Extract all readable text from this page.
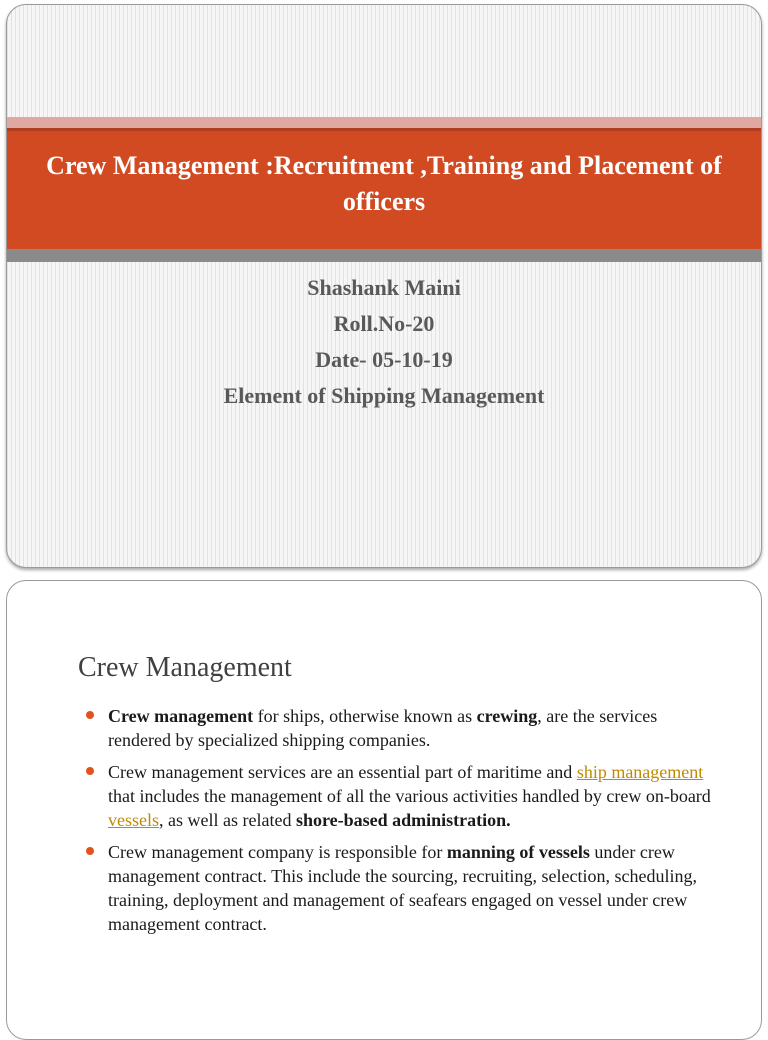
Crew Management :Recruitment ,Training and Placement of officers
Shashank Maini
Roll.No-20
Date- 05-10-19
Element of Shipping Management
Crew Management
Crew management for ships, otherwise known as crewing, are the services rendered by specialized shipping companies.
Crew management services are an essential part of maritime and ship management that includes the management of all the various activities handled by crew on-board vessels, as well as related shore-based administration.
Crew management company is responsible for manning of vessels under crew management contract. This include the sourcing, recruiting, selection, scheduling, training, deployment and management of seafears engaged on vessel under crew management contract.
